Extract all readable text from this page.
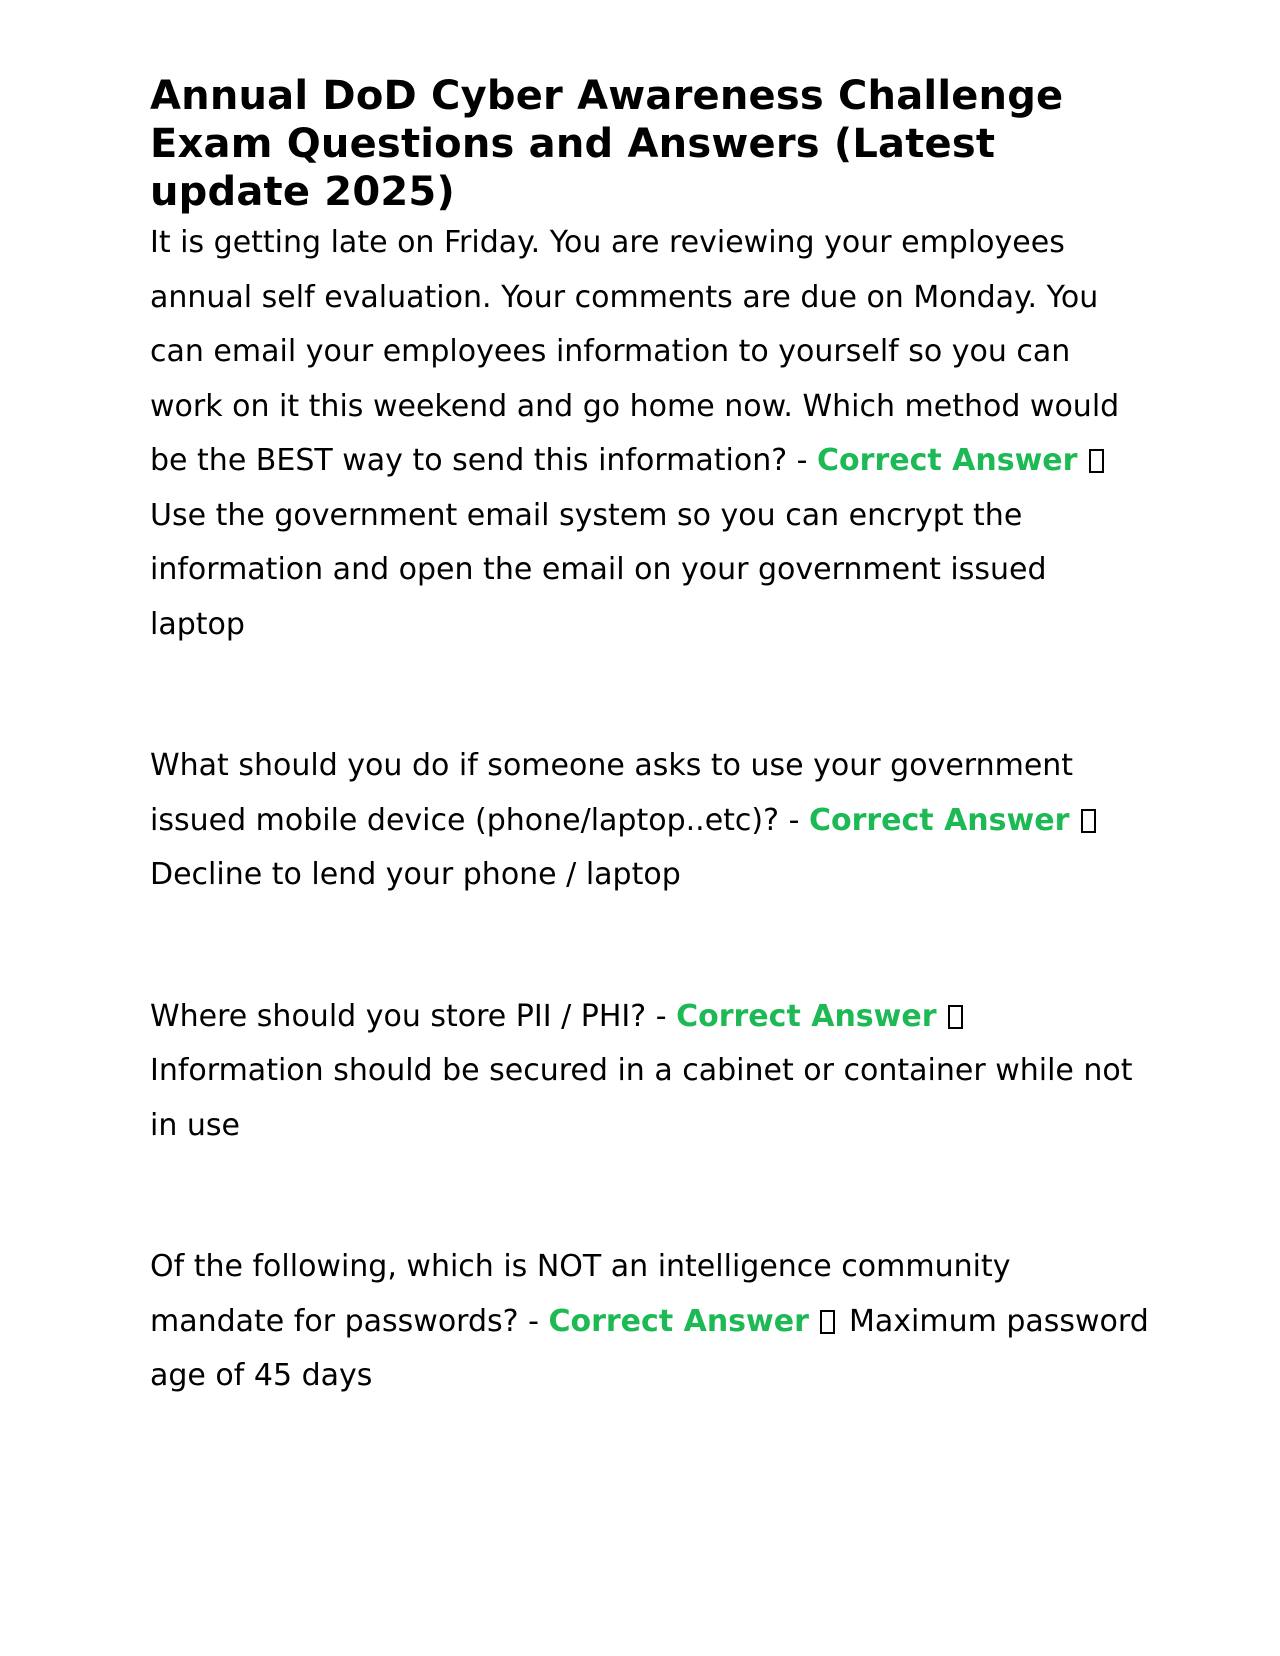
Annual DoD Cyber Awareness Challenge Exam Questions and Answers (Latest update 2025)

It is getting late on Friday. You are reviewing your employees annual self evaluation. Your comments are due on Monday. You can email your employees information to yourself so you can work on it this weekend and go home now. Which method would be the BEST way to send this information? - Correct Answer  Use the government email system so you can encrypt the information and open the email on your government issued laptop

What should you do if someone asks to use your government issued mobile device (phone/laptop..etc)? - Correct Answer  Decline to lend your phone / laptop

Where should you store PII / PHI? - Correct Answer  Information should be secured in a cabinet or container while not in use

Of the following, which is NOT an intelligence community mandate for passwords? - Correct Answer Maximum password age of 45 days
